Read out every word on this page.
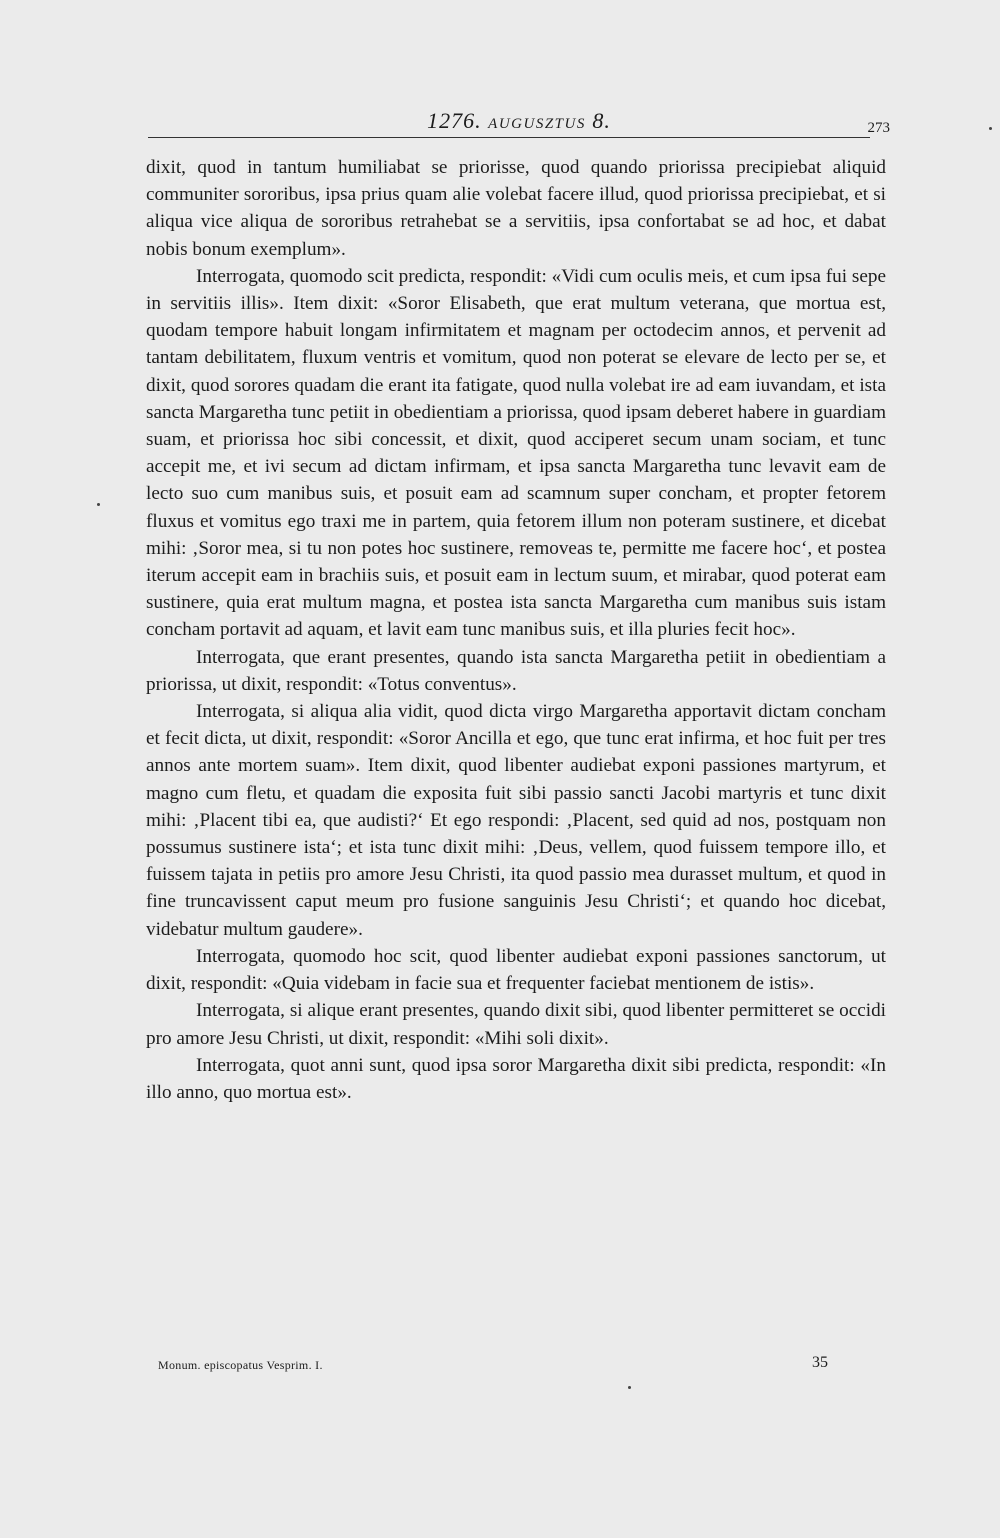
1276. AUGUSZTUS 8.	273

dixit, quod in tantum humiliabat se priorisse, quod quando priorissa precipiebat aliquid communiter sororibus, ipsa prius quam alie volebat facere illud, quod priorissa precipiebat, et si aliqua vice aliqua de sororibus retrahebat se a servitiis, ipsa confortabat se ad hoc, et dabat nobis bonum exemplum».

Interrogata, quomodo scit predicta, respondit: «Vidi cum oculis meis, et cum ipsa fui sepe in servitiis illis». Item dixit: «Soror Elisabeth, que erat multum veterana, que mortua est, quodam tempore habuit longam infirmitatem et magnam per octodecim annos, et pervenit ad tantam debilitatem, fluxum ventris et vomitum, quod non poterat se elevare de lecto per se, et dixit, quod sorores quadam die erant ita fatigate, quod nulla volebat ire ad eam iuvandam, et ista sancta Margaretha tunc petiit in obedientiam a priorissa, quod ipsam deberet habere in guardiam suam, et priorissa hoc sibi concessit, et dixit, quod acciperet secum unam sociam, et tunc accepit me, et ivi secum ad dictam infirmam, et ipsa sancta Margaretha tunc levavit eam de lecto suo cum manibus suis, et posuit eam ad scamnum super concham, et propter fetorem fluxus et vomitus ego traxi me in partem, quia fetorem illum non poteram sustinere, et dicebat mihi: ‚Soror mea, si tu non potes hoc sustinere, removeas te, permitte me facere hoc‘, et postea iterum accepit eam in brachiis suis, et posuit eam in lectum suum, et mirabar, quod poterat eam sustinere, quia erat multum magna, et postea ista sancta Margaretha cum manibus suis istam concham portavit ad aquam, et lavit eam tunc manibus suis, et illa pluries fecit hoc».

Interrogata, que erant presentes, quando ista sancta Margaretha petiit in obedientiam a priorissa, ut dixit, respondit: «Totus conventus».

Interrogata, si aliqua alia vidit, quod dicta virgo Margaretha apportavit dictam concham et fecit dicta, ut dixit, respondit: «Soror Ancilla et ego, que tunc erat infirma, et hoc fuit per tres annos ante mortem suam». Item dixit, quod libenter audiebat exponi passiones martyrum, et magno cum fletu, et quadam die exposita fuit sibi passio sancti Jacobi martyris et tunc dixit mihi: ‚Placent tibi ea, que audisti?‘ Et ego respondi: ‚Placent, sed quid ad nos, postquam non possumus sustinere ista‘; et ista tunc dixit mihi: ‚Deus, vellem, quod fuissem tempore illo, et fuissem tajata in petiis pro amore Jesu Christi, ita quod passio mea durasset multum, et quod in fine truncavissent caput meum pro fusione sanguinis Jesu Christi‘; et quando hoc dicebat, videbatur multum gaudere».

Interrogata, quomodo hoc scit, quod libenter audiebat exponi passiones sanctorum, ut dixit, respondit: «Quia videbam in facie sua et frequenter faciebat mentionem de istis».

Interrogata, si alique erant presentes, quando dixit sibi, quod libenter permitteret se occidi pro amore Jesu Christi, ut dixit, respondit: «Mihi soli dixit».

Interrogata, quot anni sunt, quod ipsa soror Margaretha dixit sibi predicta, respondit: «In illo anno, quo mortua est».

Monum. episcopatus Vesprim. I.	35
